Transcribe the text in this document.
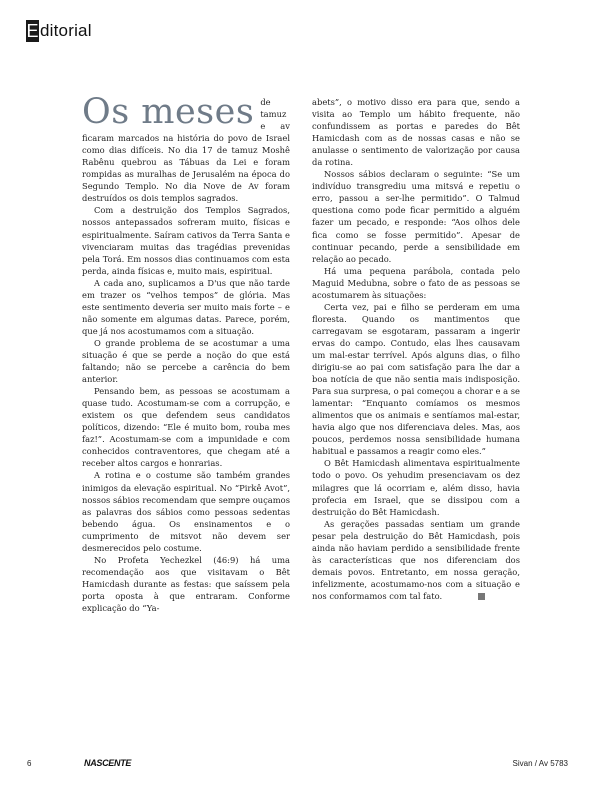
E ditorial

Os meses de tamuz e av ficaram marcados na história do povo de Israel como dias difíceis. No dia 17 de tamuz Moshê Rabênu quebrou as Tábuas da Lei e foram rompidas as muralhas de Jerusalém na época do Segundo Templo. No dia Nove de Av foram destruídos os dois templos sagrados.

Com a destruição dos Templos Sagrados, nossos antepassados sofreram muito, físicas e espiritualmente. Saíram cativos da Terra Santa e vivenciaram muitas das tragédias prevenidas pela Torá. Em nossos dias continuamos com esta perda, ainda físicas e, muito mais, espiritual.

A cada ano, suplicamos a D'us que não tarde em trazer os “velhos tempos” de glória. Mas este sentimento deveria ser muito mais forte – e não somente em algumas datas. Parece, porém, que já nos acostumamos com a situação.

O grande problema de se acostumar a uma situação é que se perde a noção do que está faltando; não se percebe a carência do bem anterior.

Pensando bem, as pessoas se acostumam a quase tudo. Acostumam-se com a corrupção, e existem os que defendem seus candidatos políticos, dizendo: “Ele é muito bom, rouba mes faz!”. Acostumam-se com a impunidade e com conhecidos contraventores, que chegam até a receber altos cargos e honrarias.

A rotina e o costume são também grandes inimigos da elevação espiritual. No “Pirkê Avot”, nossos sábios recomendam que sempre ouçamos as palavras dos sábios como pessoas sedentas bebendo água. Os ensinamentos e o cumprimento de mitsvot não devem ser desmerecidos pelo costume.

No Profeta Yechezkel (46:9) há uma recomendação aos que visitavam o Bêt Hamicdash durante as festas: que saíssem pela porta oposta à que entraram. Conforme explicação do “Ya-

abets”, o motivo disso era para que, sendo a visita ao Templo um hábito frequente, não confundissem as portas e paredes do Bêt Hamicdash com as de nossas casas e não se anulasse o sentimento de valorização por causa da rotina.

Nossos sábios declaram o seguinte: “Se um indivíduo transgrediu uma mitsvá e repetiu o erro, passou a ser-lhe permitido”. O Talmud questiona como pode ficar permitido a alguém fazer um pecado, e responde: “Aos olhos dele fica como se fosse permitido”. Apesar de continuar pecando, perde a sensibilidade em relação ao pecado.

Há uma pequena parábola, contada pelo Maguid Medubna, sobre o fato de as pessoas se acostumarem às situações:

Certa vez, pai e filho se perderam em uma floresta. Quando os mantimentos que carregavam se esgotaram, passaram a ingerir ervas do campo. Contudo, elas lhes causavam um mal-estar terrível. Após alguns dias, o filho dirigiu-se ao pai com satisfação para lhe dar a boa notícia de que não sentia mais indisposição. Para sua surpresa, o pai começou a chorar e a se lamentar: “Enquanto comíamos os mesmos alimentos que os animais e sentíamos mal-estar, havia algo que nos diferenciava deles. Mas, aos poucos, perdemos nossa sensibilidade humana habitual e passamos a reagir como eles.”

O Bêt Hamicdash alimentava espiritualmente todo o povo. Os yehudim presenciavam os dez milagres que lá ocorriam e, além disso, havia profecia em Israel, que se dissipou com a destruição do Bêt Hamicdash.

As gerações passadas sentiam um grande pesar pela destruição do Bêt Hamicdash, pois ainda não haviam perdido a sensibilidade frente às características que nos diferenciam dos demais povos. Entretanto, em nossa geração, infelizmente, acostumamo-nos com a situação e nos conformamos com tal fato.

6	NASCENTE	Sivan / Av 5783
